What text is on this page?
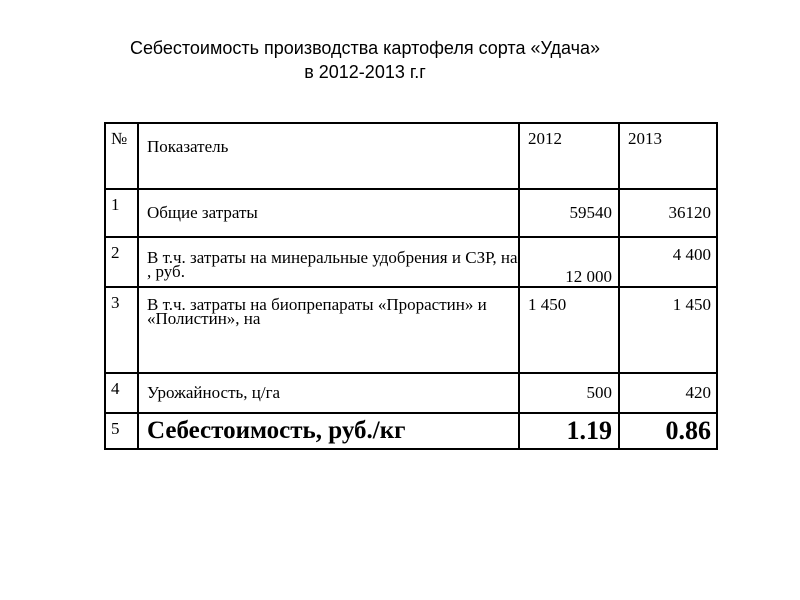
Себестоимость производства картофеля сорта «Удача»
в 2012-2013 г.г
№	Показатель	2012	2013
1	Общие затраты	59540	36120
2	В т.ч. затраты на минеральные удобрения и СЗР, на , руб.	12 000	4 400
3	В т.ч. затраты на биопрепараты «Прорастин» и «Полистин», на	1 450	1 450
4	Урожайность, ц/га	500	420
5	Себестоимость, руб./кг	1.19	0.86
